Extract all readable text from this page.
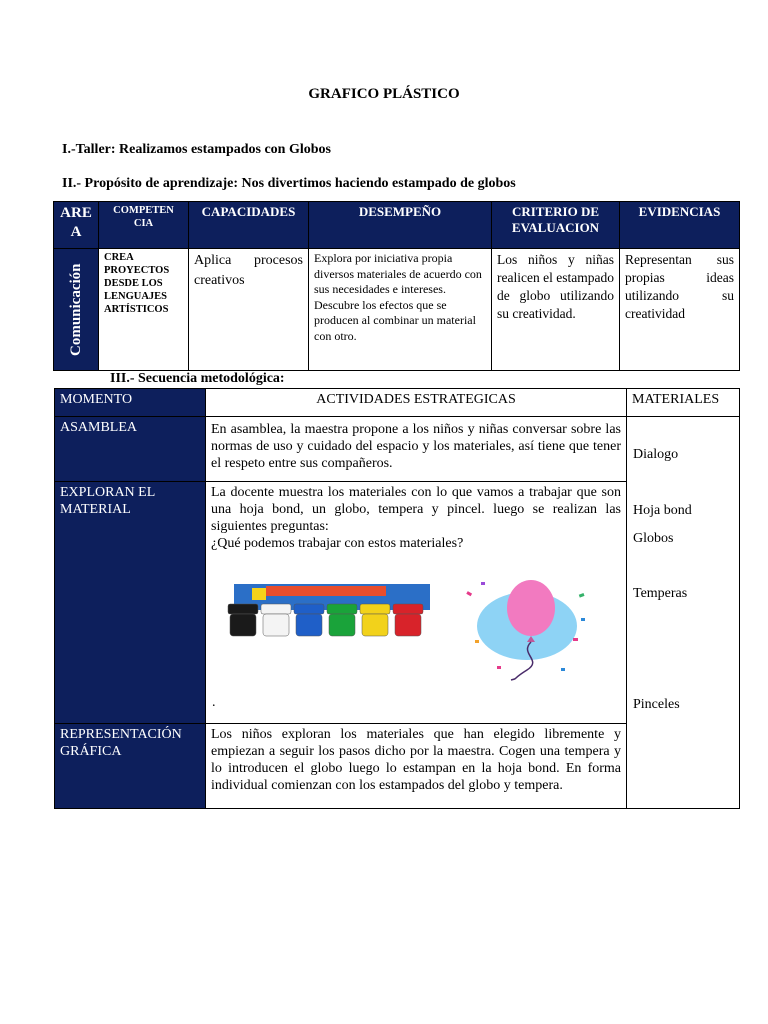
GRAFICO PLÁSTICO
I.-Taller: Realizamos estampados con Globos
II.- Propósito de aprendizaje: Nos divertimos haciendo estampado de globos
ARE A	COMPETEN CIA	CAPACIDADES	DESEMPEÑO	CRITERIO DE EVALUACION	EVIDENCIAS

Comunicación	CREA PROYECTOS DESDE LOS LENGUAJES ARTÍSTICOS	Aplica procesos creativos	Explora por iniciativa propia diversos materiales de acuerdo con sus necesidades e intereses. Descubre los efectos que se producen al combinar un material con otro.	Los niños y niñas realicen el estampado de globo utilizando su creatividad.	Representan sus propias ideas utilizando su creatividad
III.- Secuencia metodológica:
MOMENTO	ACTIVIDADES ESTRATEGICAS	MATERIALES
ASAMBLEA	En asamblea, la maestra propone a los niños y niñas conversar sobre las normas de uso y cuidado del espacio y los materiales, así tiene que tener el respeto entre sus compañeros.	Dialogo

Hoja bond

Globos

Temperas

Pinceles

EXPLORAN EL MATERIAL	La docente muestra los materiales con lo que vamos a trabajar que son una hoja bond, un globo, tempera y pincel. luego se realizan las siguientes preguntas:
¿Qué podemos trabajar con estos materiales?
.	

REPRESENTACIÓN GRÁFICA	Los niños exploran los materiales que han elegido libremente y empiezan a seguir los pasos dicho por la maestra. Cogen una tempera y lo introducen el globo luego lo estampan en la hoja bond. En forma individual comienzan con los estampados del globo y tempera.	
